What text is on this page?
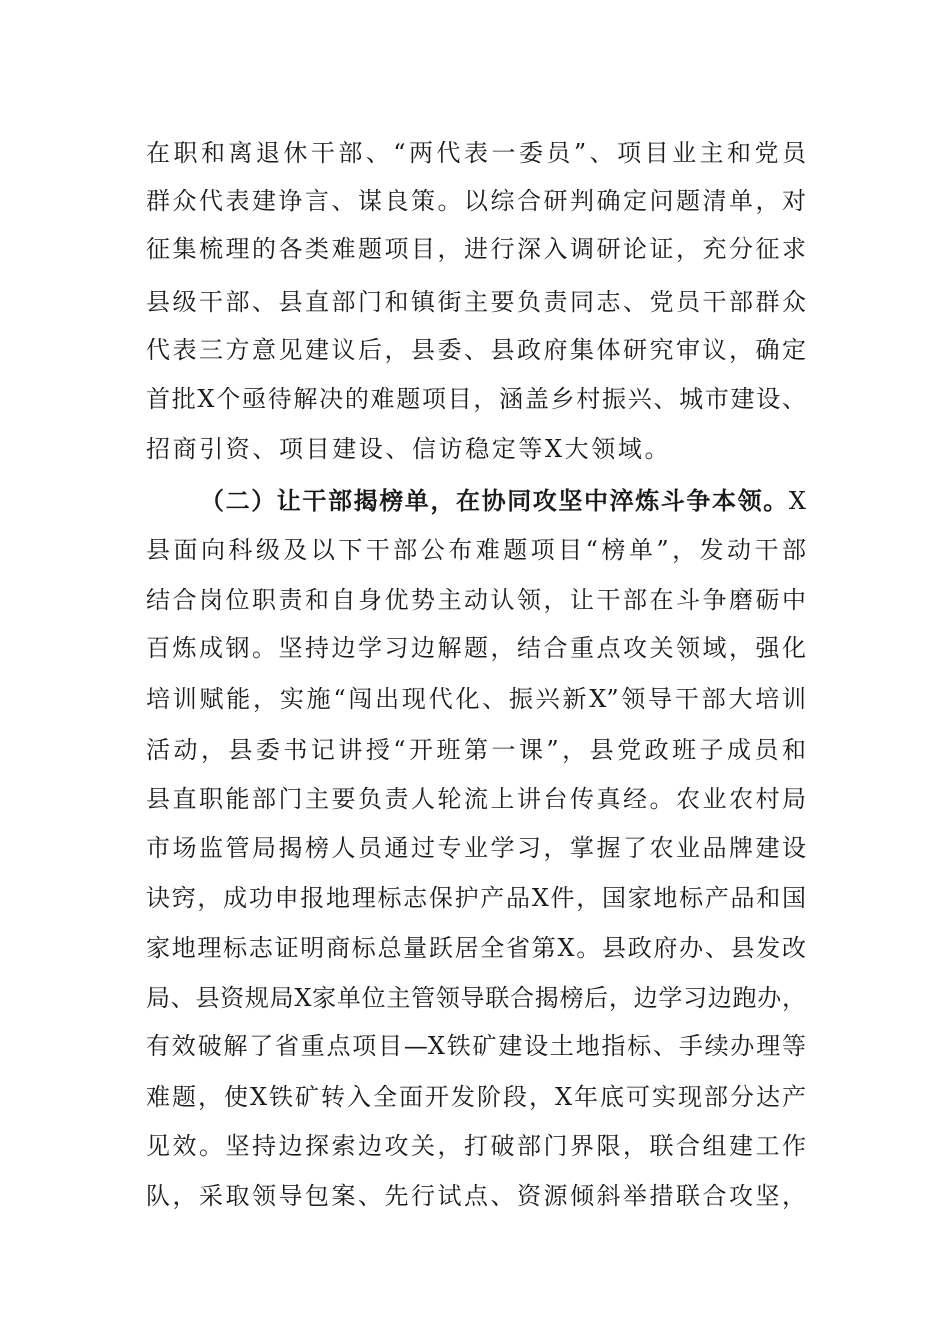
在职和离退休干部、“两代表一委员”、项目业主和党员
群众代表建诤言、谋良策。以综合研判确定问题清单，对
征集梳理的各类难题项目，进行深入调研论证，充分征求
县级干部、县直部门和镇街主要负责同志、党员干部群众
代表三方意见建议后，县委、县政府集体研究审议，确定
首批X个亟待解决的难题项目，涵盖乡村振兴、城市建设、
招商引资、项目建设、信访稳定等X大领域。
（二）让干部揭榜单，在协同攻坚中淬炼斗争本领。X
县面向科级及以下干部公布难题项目“榜单”，发动干部
结合岗位职责和自身优势主动认领，让干部在斗争磨砺中
百炼成钢。坚持边学习边解题，结合重点攻关领域，强化
培训赋能，实施“闯出现代化、振兴新X”领导干部大培训
活动，县委书记讲授“开班第一课”，县党政班子成员和
县直职能部门主要负责人轮流上讲台传真经。农业农村局
市场监管局揭榜人员通过专业学习，掌握了农业品牌建设
诀窍，成功申报地理标志保护产品X件，国家地标产品和国
家地理标志证明商标总量跃居全省第X。县政府办、县发改
局、县资规局X家单位主管领导联合揭榜后，边学习边跑办，
有效破解了省重点项目—X铁矿建设土地指标、手续办理等
难题，使X铁矿转入全面开发阶段，X年底可实现部分达产
见效。坚持边探索边攻关，打破部门界限，联合组建工作
队，采取领导包案、先行试点、资源倾斜举措联合攻坚，
